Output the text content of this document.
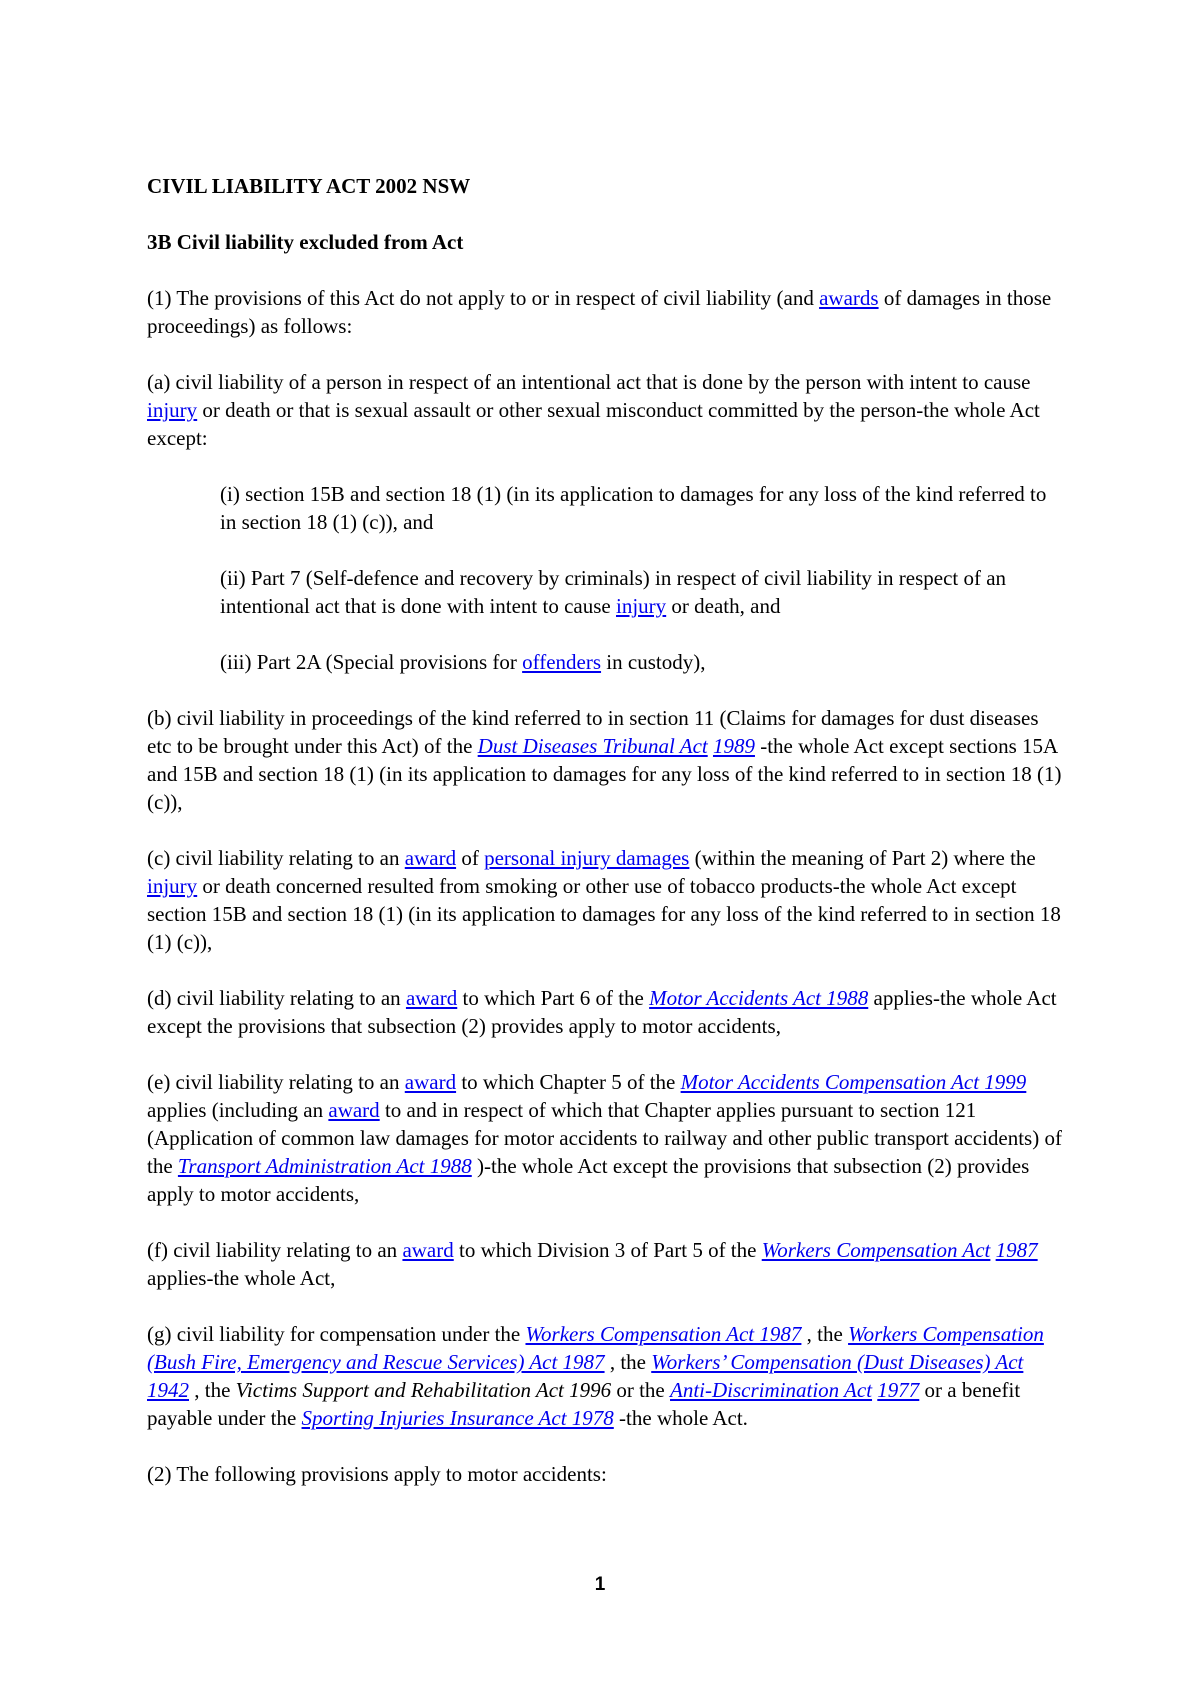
CIVIL LIABILITY ACT 2002 NSW
3B Civil liability excluded from Act

(1) The provisions of this Act do not apply to or in respect of civil liability (and awards of damages in those proceedings) as follows:

(a) civil liability of a person in respect of an intentional act that is done by the person with intent to cause injury or death or that is sexual assault or other sexual misconduct committed by the person-the whole Act except:

(i) section 15B and section 18 (1) (in its application to damages for any loss of the kind referred to in section 18 (1) (c)), and

(ii) Part 7 (Self-defence and recovery by criminals) in respect of civil liability in respect of an intentional act that is done with intent to cause injury or death, and

(iii) Part 2A (Special provisions for offenders in custody),

(b) civil liability in proceedings of the kind referred to in section 11 (Claims for damages for dust diseases etc to be brought under this Act) of the Dust Diseases Tribunal Act 1989 -the whole Act except sections 15A and 15B and section 18 (1) (in its application to damages for any loss of the kind referred to in section 18 (1) (c)),

(c) civil liability relating to an award of personal injury damages (within the meaning of Part 2) where the injury or death concerned resulted from smoking or other use of tobacco products-the whole Act except section 15B and section 18 (1) (in its application to damages for any loss of the kind referred to in section 18 (1) (c)),

(d) civil liability relating to an award to which Part 6 of the Motor Accidents Act 1988 applies-the whole Act except the provisions that subsection (2) provides apply to motor accidents,

(e) civil liability relating to an award to which Chapter 5 of the Motor Accidents Compensation Act 1999 applies (including an award to and in respect of which that Chapter applies pursuant to section 121 (Application of common law damages for motor accidents to railway and other public transport accidents) of the Transport Administration Act 1988 )-the whole Act except the provisions that subsection (2) provides apply to motor accidents,

(f) civil liability relating to an award to which Division 3 of Part 5 of the Workers Compensation Act 1987 applies-the whole Act,

(g) civil liability for compensation under the Workers Compensation Act 1987 , the Workers Compensation (Bush Fire, Emergency and Rescue Services) Act 1987 , the Workers’ Compensation (Dust Diseases) Act 1942 , the Victims Support and Rehabilitation Act 1996 or the Anti-Discrimination Act 1977 or a benefit payable under the Sporting Injuries Insurance Act 1978 -the whole Act.

(2) The following provisions apply to motor accidents:

1
